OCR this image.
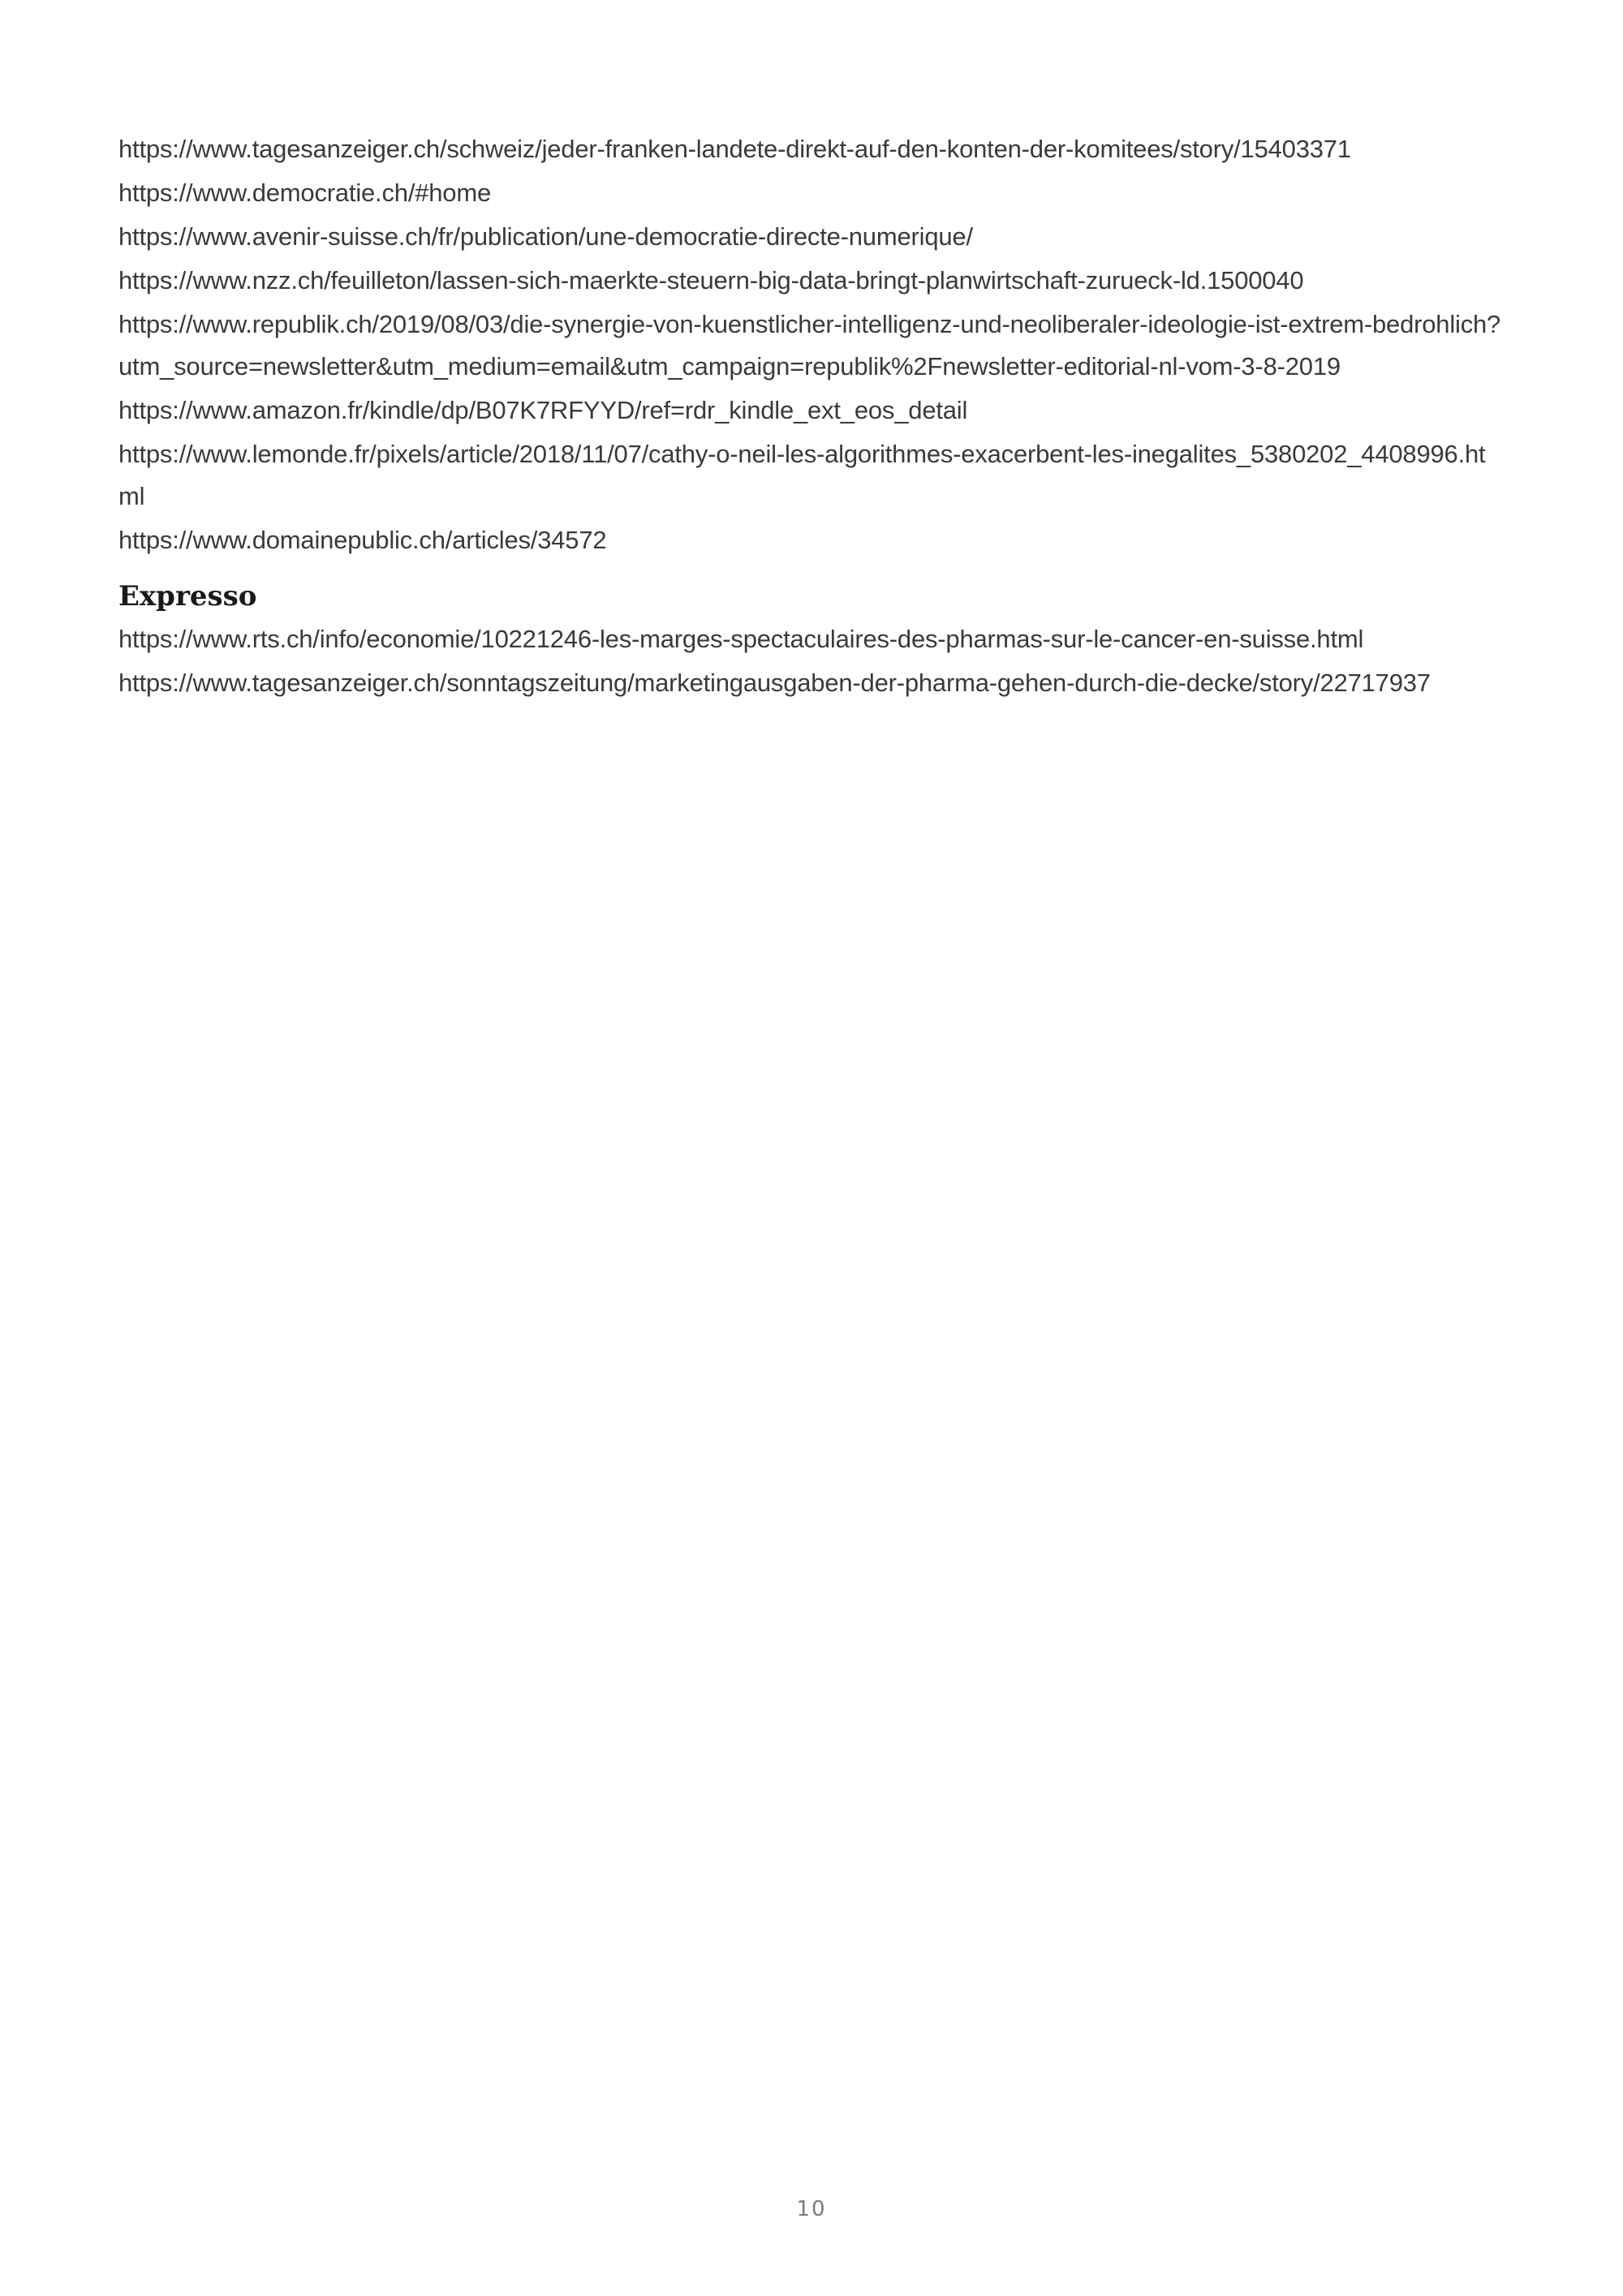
https://www.tagesanzeiger.ch/schweiz/jeder-franken-landete-direkt-auf-den-konten-der-komitees/story/15403371
https://www.democratie.ch/#home
https://www.avenir-suisse.ch/fr/publication/une-democratie-directe-numerique/
https://www.nzz.ch/feuilleton/lassen-sich-maerkte-steuern-big-data-bringt-planwirtschaft-zurueck-ld.1500040
https://www.republik.ch/2019/08/03/die-synergie-von-kuenstlicher-intelligenz-und-neoliberaler-ideologie-ist-extrem-bedrohlich?utm_source=newsletter&utm_medium=email&utm_campaign=republik%2Fnewsletter-editorial-nl-vom-3-8-2019
https://www.amazon.fr/kindle/dp/B07K7RFYYD/ref=rdr_kindle_ext_eos_detail
https://www.lemonde.fr/pixels/article/2018/11/07/cathy-o-neil-les-algorithmes-exacerbent-les-inegalites_5380202_4408996.html
https://www.domainepublic.ch/articles/34572
Expresso
https://www.rts.ch/info/economie/10221246-les-marges-spectaculaires-des-pharmas-sur-le-cancer-en-suisse.html
https://www.tagesanzeiger.ch/sonntagszeitung/marketingausgaben-der-pharma-gehen-durch-die-decke/story/22717937
10
